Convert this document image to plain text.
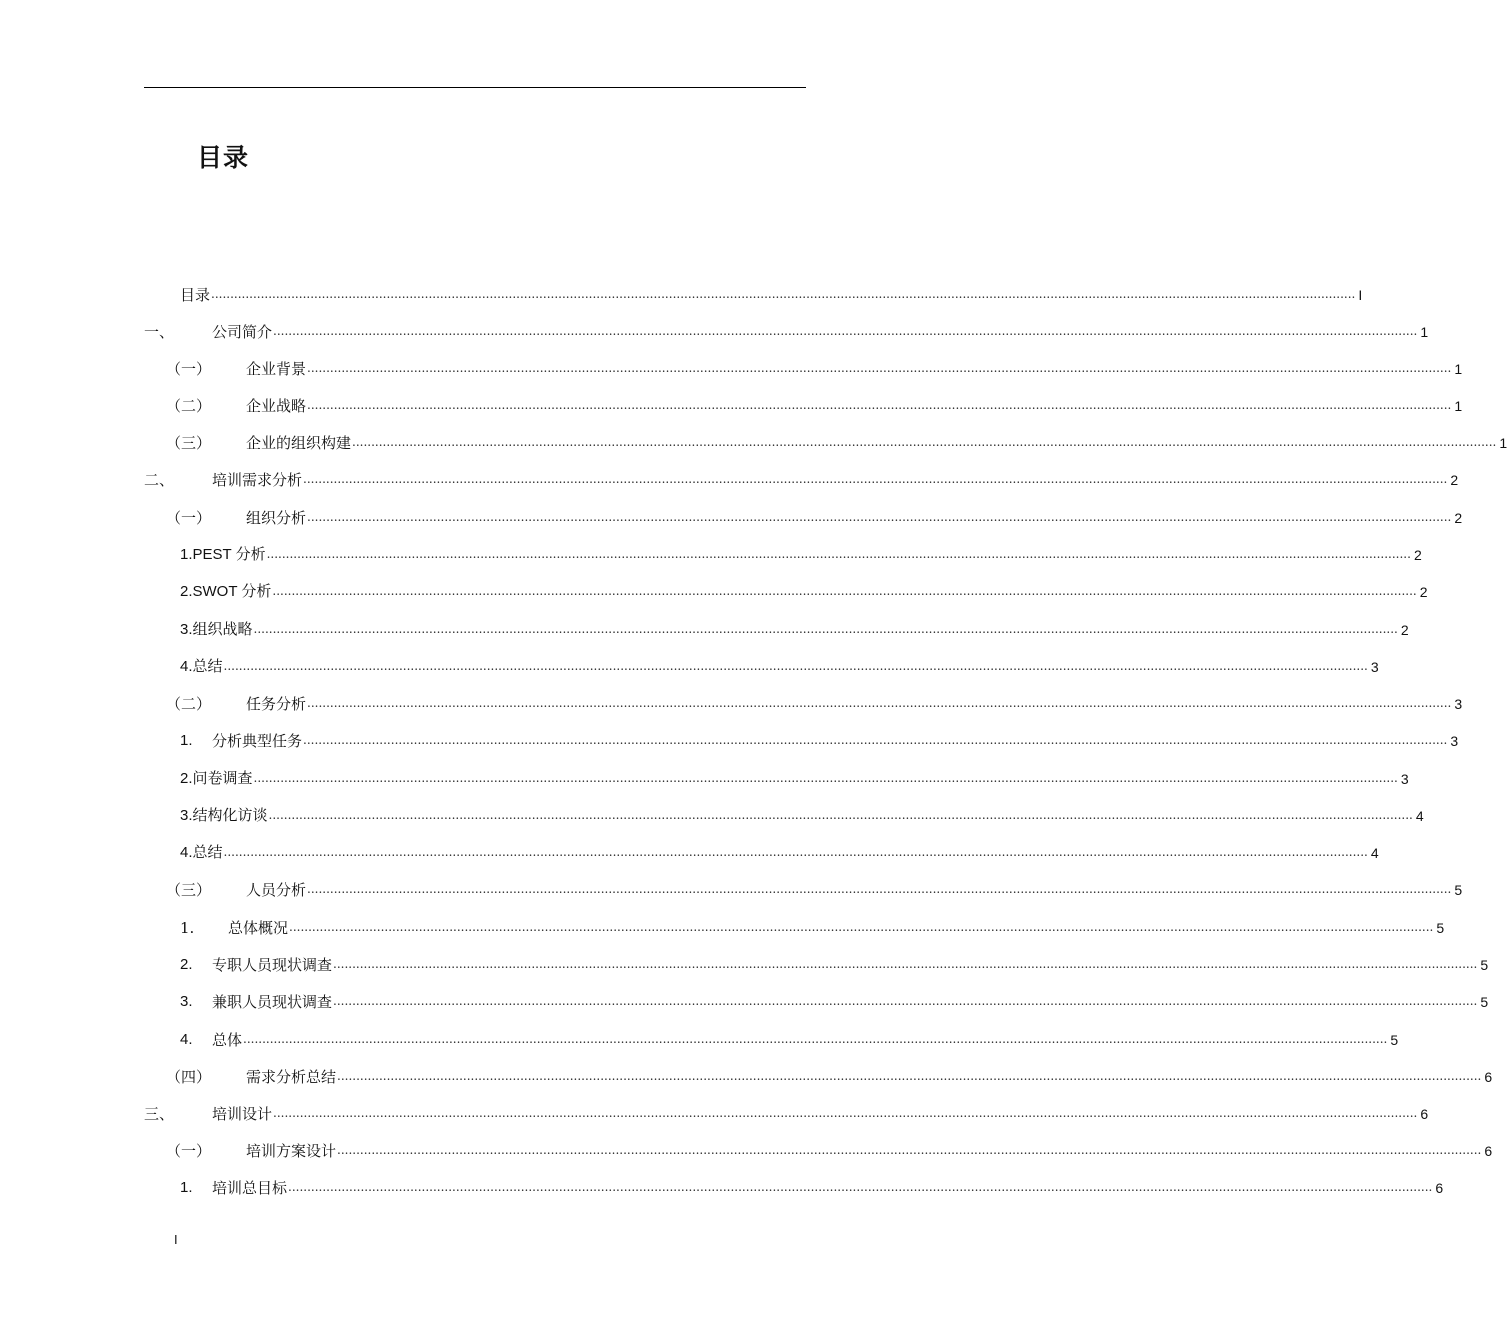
目录
目录 ............................................................................................................................................................................................................................................................................................................ I
一、	公司简介 ............................................................................................................................................................................................................................................................................................................ 1
（一）	企业背景 ............................................................................................................................................................................................................................................................................................................ 1
（二）	企业战略 ............................................................................................................................................................................................................................................................................................................ 1
（三）	企业的组织构建 ............................................................................................................................................................................................................................................................................................................ 1
二、	培训需求分析 ............................................................................................................................................................................................................................................................................................................ 2
（一）	组织分析 ............................................................................................................................................................................................................................................................................................................ 2
1.PEST 分析 ............................................................................................................................................................................................................................................................................................................ 2
2.SWOT 分析 ............................................................................................................................................................................................................................................................................................................ 2
3.组织战略 ............................................................................................................................................................................................................................................................................................................ 2
4.总结 ............................................................................................................................................................................................................................................................................................................ 3
（二）	任务分析 ............................................................................................................................................................................................................................................................................................................ 3
1.	分析典型任务 ............................................................................................................................................................................................................................................................................................................ 3
2.问卷调查 ............................................................................................................................................................................................................................................................................................................ 3
3.结构化访谈 ............................................................................................................................................................................................................................................................................................................ 4
4.总结 ............................................................................................................................................................................................................................................................................................................ 4
（三）	人员分析 ............................................................................................................................................................................................................................................................................................................ 5
1.	总体概况 ............................................................................................................................................................................................................................................................................................................ 5
2.	专职人员现状调查 ............................................................................................................................................................................................................................................................................................................ 5
3.	兼职人员现状调查 ............................................................................................................................................................................................................................................................................................................ 5
4.	总体 ............................................................................................................................................................................................................................................................................................................ 5
（四）	需求分析总结 ............................................................................................................................................................................................................................................................................................................ 6
三、	培训设计 ............................................................................................................................................................................................................................................................................................................ 6
（一）	培训方案设计 ............................................................................................................................................................................................................................................................................................................ 6
1.	培训总目标 ............................................................................................................................................................................................................................................................................................................ 6
I
